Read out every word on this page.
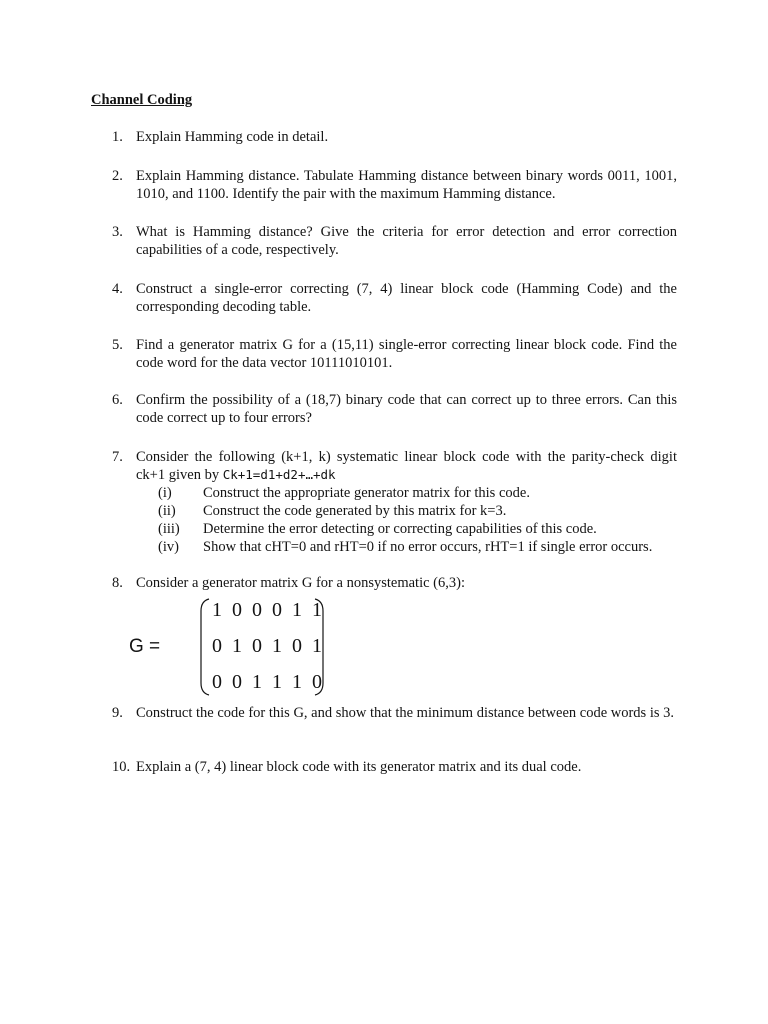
Channel Coding
1. Explain Hamming code in detail.
2. Explain Hamming distance. Tabulate Hamming distance between binary words 0011, 1001, 1010, and 1100. Identify the pair with the maximum Hamming distance.
3. What is Hamming distance? Give the criteria for error detection and error correction capabilities of a code, respectively.
4. Construct a single-error correcting (7, 4) linear block code (Hamming Code) and the corresponding decoding table.
5. Find a generator matrix G for a (15,11) single-error correcting linear block code. Find the code word for the data vector 10111010101.
6. Confirm the possibility of a (18,7) binary code that can correct up to three errors. Can this code correct up to four errors?
7. Consider the following (k+1, k) systematic linear block code with the parity-check digit
ck+1 given by Ck+1=d1+d2+…+dk
(i) Construct the appropriate generator matrix for this code.
(ii) Construct the code generated by this matrix for k=3.
(iii) Determine the error detecting or correcting capabilities of this code.
(iv) Show that cHT=0 and rHT=0 if no error occurs, rHT=1 if single error occurs.
8. Consider a generator matrix G for a nonsystematic (6,3):
G =
1 0 0 0 1 1
0 1 0 1 0 1
0 0 1 1 1 0
9. Construct the code for this G, and show that the minimum distance between code words is 3.
10. Explain a (7, 4) linear block code with its generator matrix and its dual code.
